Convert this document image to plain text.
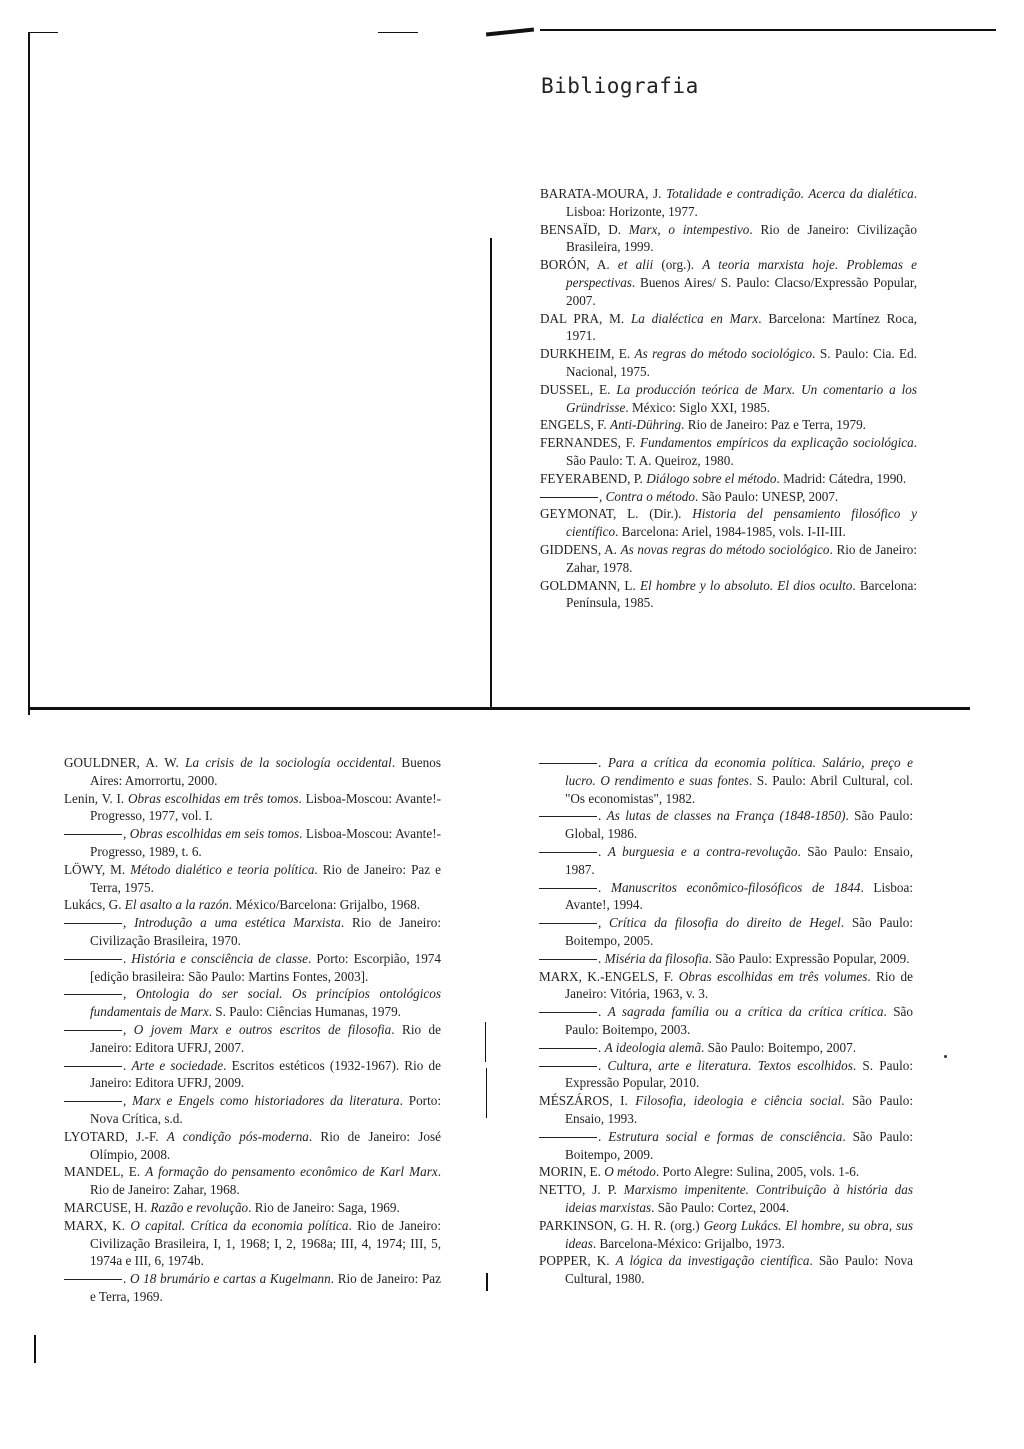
Bibliografia

BARATA-MOURA, J. Totalidade e contradição. Acerca da dialética. Lisboa: Horizonte, 1977.

BENSAÏD, D. Marx, o intempestivo. Rio de Janeiro: Civilização Brasileira, 1999.

BORÓN, A. et alii (org.). A teoria marxista hoje. Problemas e perspectivas. Buenos Aires/ S. Paulo: Clacso/Expressão Popular, 2007.

DAL PRA, M. La dialéctica en Marx. Barcelona: Martínez Roca, 1971.

DURKHEIM, E. As regras do método sociológico. S. Paulo: Cia. Ed. Nacional, 1975.

DUSSEL, E. La producción teórica de Marx. Un comentario a los Gründrisse. México: Siglo XXI, 1985.

ENGELS, F. Anti-Dühring. Rio de Janeiro: Paz e Terra, 1979.

FERNANDES, F. Fundamentos empíricos da explicação sociológica. São Paulo: T. A. Queiroz, 1980.

FEYERABEND, P. Diálogo sobre el método. Madrid: Cátedra, 1990.

, Contra o método. São Paulo: UNESP, 2007.

GEYMONAT, L. (Dir.). Historia del pensamiento filosófico y científico. Barcelona: Ariel, 1984-1985, vols. I-II-III.

GIDDENS, A. As novas regras do método sociológico. Rio de Janeiro: Zahar, 1978.

GOLDMANN, L. El hombre y lo absoluto. El dios oculto. Barcelona: Península, 1985.

GOULDNER, A. W. La crisis de la sociología occidental. Buenos Aires: Amorrortu, 2000.

Lenin, V. I. Obras escolhidas em três tomos. Lisboa-Moscou: Avante!-Progresso, 1977, vol. I.

, Obras escolhidas em seis tomos. Lisboa-Moscou: Avante!-Progresso, 1989, t. 6.

LÖWY, M. Método dialético e teoria política. Rio de Janeiro: Paz e Terra, 1975.

Lukács, G. El asalto a la razón. México/Barcelona: Grijalbo, 1968.

, Introdução a uma estética Marxista. Rio de Janeiro: Civilização Brasileira, 1970.

. História e consciência de classe. Porto: Escorpião, 1974 [edição brasileira: São Paulo: Martins Fontes, 2003].

, Ontologia do ser social. Os princípios ontológicos fundamentais de Marx. S. Paulo: Ciências Humanas, 1979.

, O jovem Marx e outros escritos de filosofia. Rio de Janeiro: Editora UFRJ, 2007.

. Arte e sociedade. Escritos estéticos (1932-1967). Rio de Janeiro: Editora UFRJ, 2009.

, Marx e Engels como historiadores da literatura. Porto: Nova Crítica, s.d.

LYOTARD, J.-F. A condição pós-moderna. Rio de Janeiro: José Olímpio, 2008.

MANDEL, E. A formação do pensamento econômico de Karl Marx. Rio de Janeiro: Zahar, 1968.

MARCUSE, H. Razão e revolução. Rio de Janeiro: Saga, 1969.

MARX, K. O capital. Crítica da economia política. Rio de Janeiro: Civilização Brasileira, I, 1, 1968; I, 2, 1968a; III, 4, 1974; III, 5, 1974a e III, 6, 1974b.

. O 18 brumário e cartas a Kugelmann. Rio de Janeiro: Paz e Terra, 1969.

. Para a crítica da economia política. Salário, preço e lucro. O rendimento e suas fontes. S. Paulo: Abril Cultural, col. "Os economistas", 1982.

. As lutas de classes na França (1848-1850). São Paulo: Global, 1986.

. A burguesia e a contra-revolução. São Paulo: Ensaio, 1987.

. Manuscritos econômico-filosóficos de 1844. Lisboa: Avante!, 1994.

, Crítica da filosofia do direito de Hegel. São Paulo: Boitempo, 2005.

. Miséria da filosofia. São Paulo: Expressão Popular, 2009.

MARX, K.-ENGELS, F. Obras escolhidas em três volumes. Rio de Janeiro: Vitória, 1963, v. 3.

. A sagrada família ou a crítica da crítica crítica. São Paulo: Boitempo, 2003.

. A ideologia alemã. São Paulo: Boitempo, 2007.

. Cultura, arte e literatura. Textos escolhidos. S. Paulo: Expressão Popular, 2010.

MÉSZÁROS, I. Filosofia, ideologia e ciência social. São Paulo: Ensaio, 1993.

. Estrutura social e formas de consciência. São Paulo: Boitempo, 2009.

MORIN, E. O método. Porto Alegre: Sulina, 2005, vols. 1-6.

NETTO, J. P. Marxismo impenitente. Contribuição à história das ideias marxistas. São Paulo: Cortez, 2004.

PARKINSON, G. H. R. (org.) Georg Lukács. El hombre, su obra, sus ideas. Barcelona-México: Grijalbo, 1973.

POPPER, K. A lógica da investigação científica. São Paulo: Nova Cultural, 1980.
